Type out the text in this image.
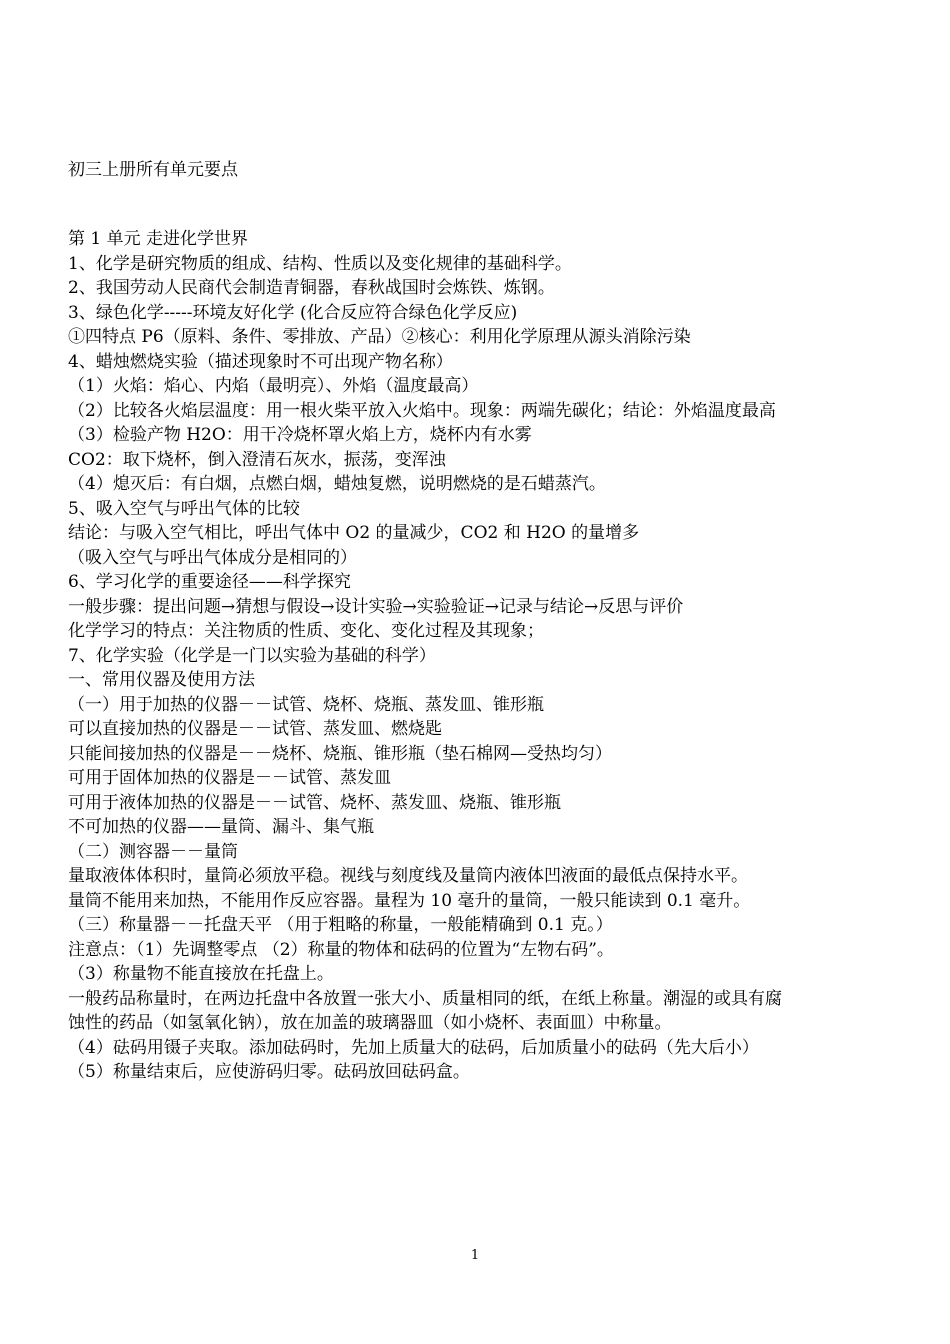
初三上册所有单元要点
第 1 单元 走进化学世界
1、化学是研究物质的组成、结构、性质以及变化规律的基础科学。
2、我国劳动人民商代会制造青铜器，春秋战国时会炼铁、炼钢。
3、绿色化学-----环境友好化学 (化合反应符合绿色化学反应)
①四特点 P6（原料、条件、零排放、产品）②核心：利用化学原理从源头消除污染
4、蜡烛燃烧实验（描述现象时不可出现产物名称）
（1）火焰：焰心、内焰（最明亮）、外焰（温度最高）
（2）比较各火焰层温度：用一根火柴平放入火焰中。现象：两端先碳化；结论：外焰温度最高
（3）检验产物 H2O：用干冷烧杯罩火焰上方，烧杯内有水雾
CO2：取下烧杯，倒入澄清石灰水，振荡，变浑浊
（4）熄灭后：有白烟，点燃白烟，蜡烛复燃，说明燃烧的是石蜡蒸汽。
5、吸入空气与呼出气体的比较
结论：与吸入空气相比，呼出气体中 O2 的量减少，CO2 和 H2O 的量增多
（吸入空气与呼出气体成分是相同的）
6、学习化学的重要途径——科学探究
一般步骤：提出问题→猜想与假设→设计实验→实验验证→记录与结论→反思与评价
化学学习的特点：关注物质的性质、变化、变化过程及其现象；
7、化学实验（化学是一门以实验为基础的科学）
一、常用仪器及使用方法
（一）用于加热的仪器－－试管、烧杯、烧瓶、蒸发皿、锥形瓶
可以直接加热的仪器是－－试管、蒸发皿、燃烧匙
只能间接加热的仪器是－－烧杯、烧瓶、锥形瓶（垫石棉网—受热均匀）
可用于固体加热的仪器是－－试管、蒸发皿
可用于液体加热的仪器是－－试管、烧杯、蒸发皿、烧瓶、锥形瓶
不可加热的仪器——量筒、漏斗、集气瓶
（二）测容器－－量筒
量取液体体积时，量筒必须放平稳。视线与刻度线及量筒内液体凹液面的最低点保持水平。
量筒不能用来加热，不能用作反应容器。量程为 10 毫升的量筒，一般只能读到 0.1 毫升。
（三）称量器－－托盘天平 （用于粗略的称量，一般能精确到 0.1 克。）
注意点：（1）先调整零点 （2）称量的物体和砝码的位置为“左物右码”。
（3）称量物不能直接放在托盘上。
一般药品称量时，在两边托盘中各放置一张大小、质量相同的纸，在纸上称量。潮湿的或具有腐蚀性的药品（如氢氧化钠），放在加盖的玻璃器皿（如小烧杯、表面皿）中称量。
（4）砝码用镊子夹取。添加砝码时，先加上质量大的砝码，后加质量小的砝码（先大后小）
（5）称量结束后，应使游码归零。砝码放回砝码盒。
1
